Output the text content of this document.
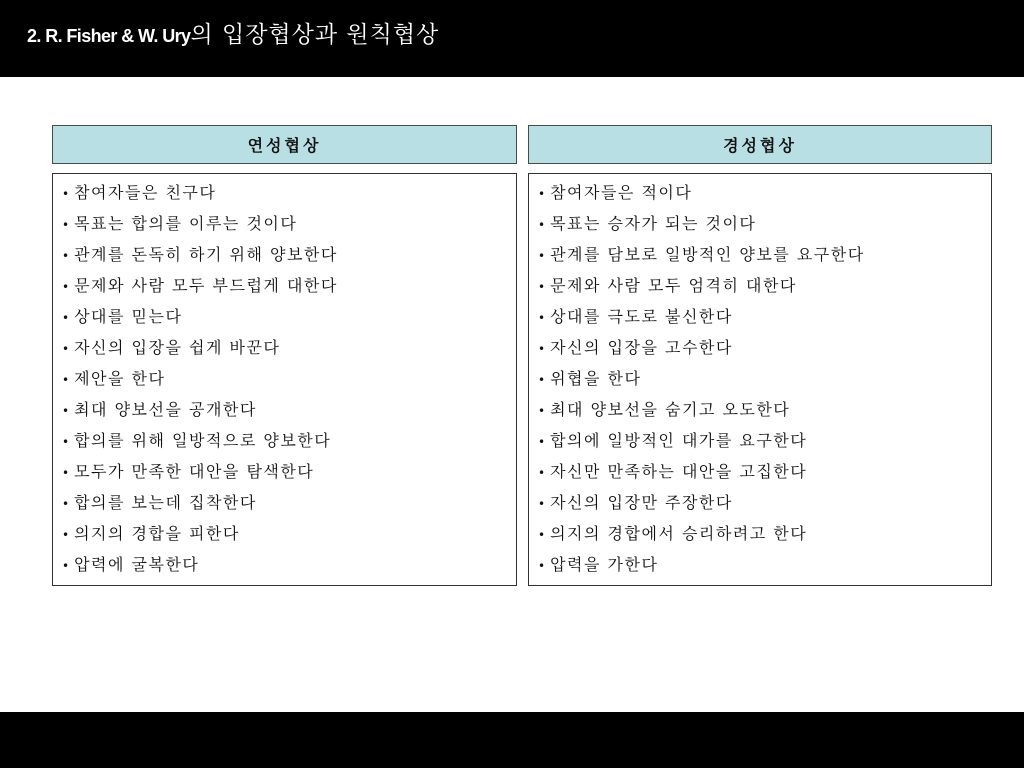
2. R. Fisher & W. Ury의 입장협상과 원칙협상
연성협상	경성협상
• 참여자들은 친구다
• 목표는 합의를 이루는 것이다
• 관계를 돈독히 하기 위해 양보한다
• 문제와 사람 모두 부드럽게 대한다
• 상대를 믿는다
• 자신의 입장을 쉽게 바꾼다
• 제안을 한다
• 최대 양보선을 공개한다
• 합의를 위해 일방적으로 양보한다
• 모두가 만족한 대안을 탐색한다
• 합의를 보는데 집착한다
• 의지의 경합을 피한다
• 압력에 굴복한다
• 참여자들은 적이다
• 목표는 승자가 되는 것이다
• 관계를 담보로 일방적인 양보를 요구한다
• 문제와 사람 모두 엄격히 대한다
• 상대를 극도로 불신한다
• 자신의 입장을 고수한다
• 위협을 한다
• 최대 양보선을 숨기고 오도한다
• 합의에 일방적인 대가를 요구한다
• 자신만 만족하는 대안을 고집한다
• 자신의 입장만 주장한다
• 의지의 경합에서 승리하려고 한다
• 압력을 가한다
